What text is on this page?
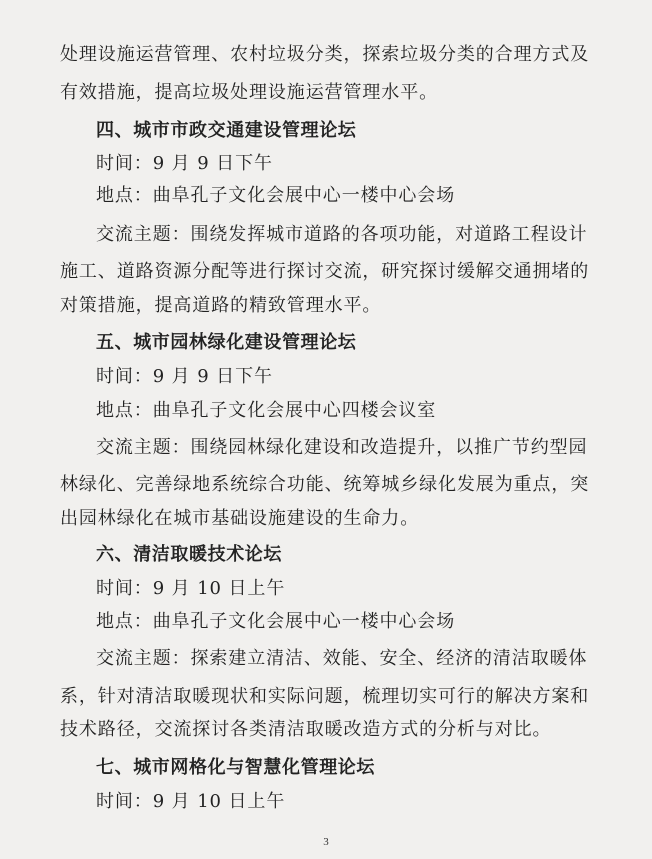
处理设施运营管理、农村垃圾分类，探索垃圾分类的合理方式及
有效措施，提高垃圾处理设施运营管理水平。
四、城市市政交通建设管理论坛
时间：9 月 9 日下午
地点：曲阜孔子文化会展中心一楼中心会场
交流主题：围绕发挥城市道路的各项功能，对道路工程设计
施工、道路资源分配等进行探讨交流，研究探讨缓解交通拥堵的
对策措施，提高道路的精致管理水平。
五、城市园林绿化建设管理论坛
时间：9 月 9 日下午
地点：曲阜孔子文化会展中心四楼会议室
交流主题：围绕园林绿化建设和改造提升，以推广节约型园
林绿化、完善绿地系统综合功能、统筹城乡绿化发展为重点，突
出园林绿化在城市基础设施建设的生命力。
六、清洁取暖技术论坛
时间：9 月 10 日上午
地点：曲阜孔子文化会展中心一楼中心会场
交流主题：探索建立清洁、效能、安全、经济的清洁取暖体
系，针对清洁取暖现状和实际问题，梳理切实可行的解决方案和
技术路径，交流探讨各类清洁取暖改造方式的分析与对比。
七、城市网格化与智慧化管理论坛
时间：9 月 10 日上午
3
